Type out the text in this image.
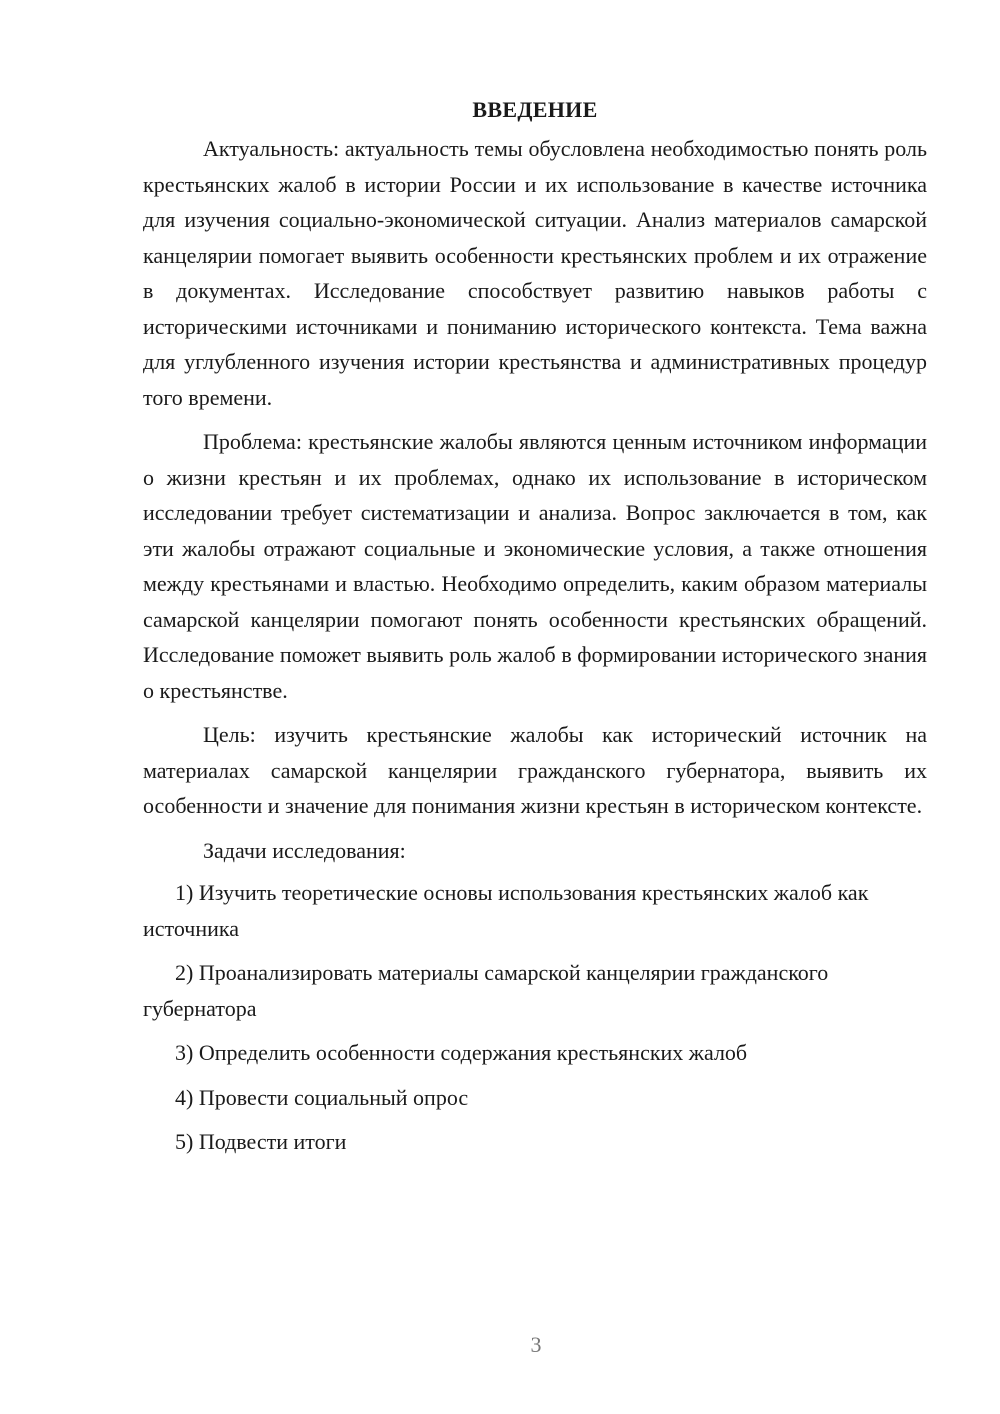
ВВЕДЕНИЕ

Актуальность: актуальность темы обусловлена необходимостью понять роль крестьянских жалоб в истории России и их использование в качестве источника для изучения социально-экономической ситуации. Анализ материалов самарской канцелярии помогает выявить особенности крестьянских проблем и их отражение в документах. Исследование способствует развитию навыков работы с историческими источниками и пониманию исторического контекста. Тема важна для углубленного изучения истории крестьянства и административных процедур того времени.

Проблема: крестьянские жалобы являются ценным источником информации о жизни крестьян и их проблемах, однако их использование в историческом исследовании требует систематизации и анализа. Вопрос заключается в том, как эти жалобы отражают социальные и экономические условия, а также отношения между крестьянами и властью. Необходимо определить, каким образом материалы самарской канцелярии помогают понять особенности крестьянских обращений. Исследование поможет выявить роль жалоб в формировании исторического знания о крестьянстве.

Цель: изучить крестьянские жалобы как исторический источник на материалах самарской канцелярии гражданского губернатора, выявить их особенности и значение для понимания жизни крестьян в историческом контексте.

Задачи исследования:

1) Изучить теоретические основы использования крестьянских жалоб как источника

2) Проанализировать материалы самарской канцелярии гражданского губернатора

3) Определить особенности содержания крестьянских жалоб

4) Провести социальный опрос

5) Подвести итоги

3
